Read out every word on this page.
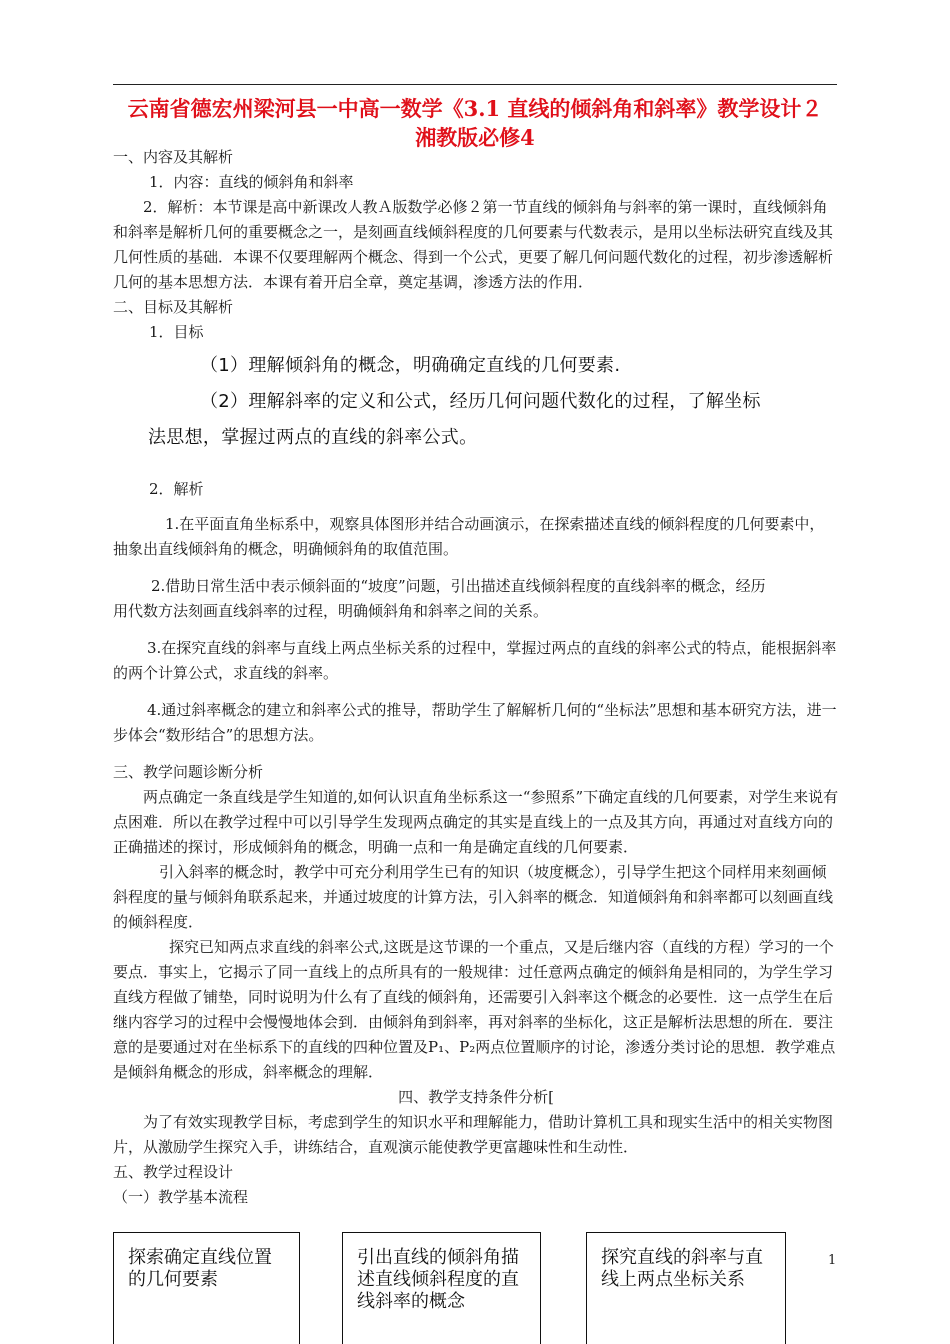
云南省德宏州梁河县一中高一数学《3.1 直线的倾斜角和斜率》教学设计２
湘教版必修4

一、内容及其解析

1．内容：直线的倾斜角和斜率

2．解析：本节课是高中新课改人教Ａ版数学必修２第一节直线的倾斜角与斜率的第一课时，直线倾斜角和斜率是解析几何的重要概念之一，是刻画直线倾斜程度的几何要素与代数表示，是用以坐标法研究直线及其几何性质的基础．本课不仅要理解两个概念、得到一个公式，更要了解几何问题代数化的过程，初步渗透解析几何的基本思想方法．本课有着开启全章，奠定基调，渗透方法的作用．

二、目标及其解析

1．目标

（1）理解倾斜角的概念，明确确定直线的几何要素.

（2）理解斜率的定义和公式，经历几何问题代数化的过程，了解坐标

法思想，掌握过两点的直线的斜率公式。

2．解析

1.在平面直角坐标系中，观察具体图形并结合动画演示，在探索描述直线的倾斜程度的几何要素中，抽象出直线倾斜角的概念，明确倾斜角的取值范围。

2.借助日常生活中表示倾斜面的“坡度”问题，引出描述直线倾斜程度的直线斜率的概念，经历
用代数方法刻画直线斜率的过程，明确倾斜角和斜率之间的关系。

3.在探究直线的斜率与直线上两点坐标关系的过程中，掌握过两点的直线的斜率公式的特点，能根据斜率的两个计算公式，求直线的斜率。

4.通过斜率概念的建立和斜率公式的推导，帮助学生了解解析几何的“坐标法”思想和基本研究方法，进一步体会“数形结合”的思想方法。

三、教学问题诊断分析

两点确定一条直线是学生知道的,如何认识直角坐标系这一“参照系”下确定直线的几何要素，对学生来说有点困难．所以在教学过程中可以引导学生发现两点确定的其实是直线上的一点及其方向，再通过对直线方向的正确描述的探讨，形成倾斜角的概念，明确一点和一角是确定直线的几何要素．

引入斜率的概念时，教学中可充分利用学生已有的知识（坡度概念），引导学生把这个同样用来刻画倾斜程度的量与倾斜角联系起来，并通过坡度的计算方法，引入斜率的概念．知道倾斜角和斜率都可以刻画直线的倾斜程度．

探究已知两点求直线的斜率公式,这既是这节课的一个重点，又是后继内容（直线的方程）学习的一个要点．事实上，它揭示了同一直线上的点所具有的一般规律：过任意两点确定的倾斜角是相同的，为学生学习直线方程做了铺垫，同时说明为什么有了直线的倾斜角，还需要引入斜率这个概念的必要性．这一点学生在后继内容学习的过程中会慢慢地体会到．由倾斜角到斜率，再对斜率的坐标化，这正是解析法思想的所在．要注意的是要通过对在坐标系下的直线的四种位置及P₁、P₂两点位置顺序的讨论，渗透分类讨论的思想．教学难点是倾斜角概念的形成，斜率概念的理解．

四、教学支持条件分析[

为了有效实现教学目标，考虑到学生的知识水平和理解能力，借助计算机工具和现实生活中的相关实物图片，从激励学生探究入手，讲练结合，直观演示能使教学更富趣味性和生动性．

五、教学过程设计

（一）教学基本流程

探索确定直线位置的几何要素
引出直线的倾斜角描述直线倾斜程度的直线斜率的概念
探究直线的斜率与直线上两点坐标关系
1
